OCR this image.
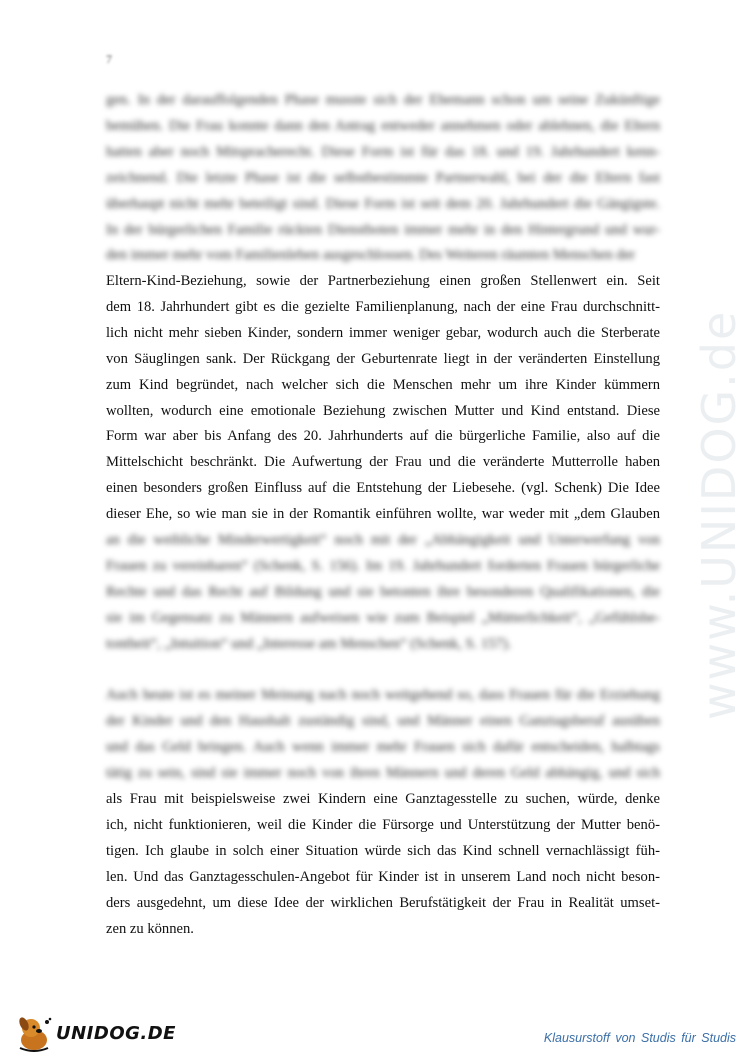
7
www.UNIDOG.de
gen. In der darauffolgenden Phase musste sich der Ehemann schon um seine Zukünftige
bemühen. Die Frau konnte dann den Antrag entweder annehmen oder ablehnen, die Eltern
hatten aber noch Mitspracherecht. Diese Form ist für das 18. und 19. Jahrhundert kenn-
zeichnend. Die letzte Phase ist die selbstbestimmte Partnerwahl, bei der die Eltern fast
überhaupt nicht mehr beteiligt sind. Diese Form ist seit dem 20. Jahrhundert die Gängigste.
In der bürgerlichen Familie rückten Dienstboten immer mehr in den Hintergrund und wur-
den immer mehr vom Familienleben ausgeschlossen. Des Weiteren räumten Menschen der
Eltern-Kind-Beziehung, sowie der Partnerbeziehung einen großen Stellenwert ein. Seit
dem 18. Jahrhundert gibt es die gezielte Familienplanung, nach der eine Frau durchschnitt-
lich nicht mehr sieben Kinder, sondern immer weniger gebar, wodurch auch die Sterberate
von Säuglingen sank. Der Rückgang der Geburtenrate liegt in der veränderten Einstellung
zum Kind begründet, nach welcher sich die Menschen mehr um ihre Kinder kümmern
wollten, wodurch eine emotionale Beziehung zwischen Mutter und Kind entstand. Diese
Form war aber bis Anfang des 20. Jahrhunderts auf die bürgerliche Familie, also auf die
Mittelschicht beschränkt. Die Aufwertung der Frau und die veränderte Mutterrolle haben
einen besonders großen Einfluss auf die Entstehung der Liebesehe. (vgl. Schenk) Die Idee
dieser Ehe, so wie man sie in der Romantik einführen wollte, war weder mit „dem Glauben
an die weibliche Minderwertigkeit“ noch mit der „Abhängigkeit und Unterwerfung von
Frauen zu vereinbaren“ (Schenk, S. 156). Im 19. Jahrhundert forderten Frauen bürgerliche
Rechte und das Recht auf Bildung und sie betonten ihre besonderen Qualifikationen, die
sie im Gegensatz zu Männern aufweisen wie zum Beispiel „Mütterlichkeit“, „Gefühlsbe-
tontheit“, „Intuition“ und „Interesse am Menschen“ (Schenk, S. 157).
Auch heute ist es meiner Meinung nach noch weitgehend so, dass Frauen für die Erziehung
der Kinder und den Haushalt zuständig sind, und Männer einen Ganztagsberuf ausüben
und das Geld bringen. Auch wenn immer mehr Frauen sich dafür entscheiden, halbtags
tätig zu sein, sind sie immer noch von ihren Männern und deren Geld abhängig, und sich
als Frau mit beispielsweise zwei Kindern eine Ganztagesstelle zu suchen, würde, denke
ich, nicht funktionieren, weil die Kinder die Fürsorge und Unterstützung der Mutter benö-
tigen. Ich glaube in solch einer Situation würde sich das Kind schnell vernachlässigt füh-
len. Und das Ganztagesschulen-Angebot für Kinder ist in unserem Land noch nicht beson-
ders ausgedehnt, um diese Idee der wirklichen Berufstätigkeit der Frau in Realität umset-
zen zu können.
UNIDOG.DE	Klausurstoff von Studis für Studis
